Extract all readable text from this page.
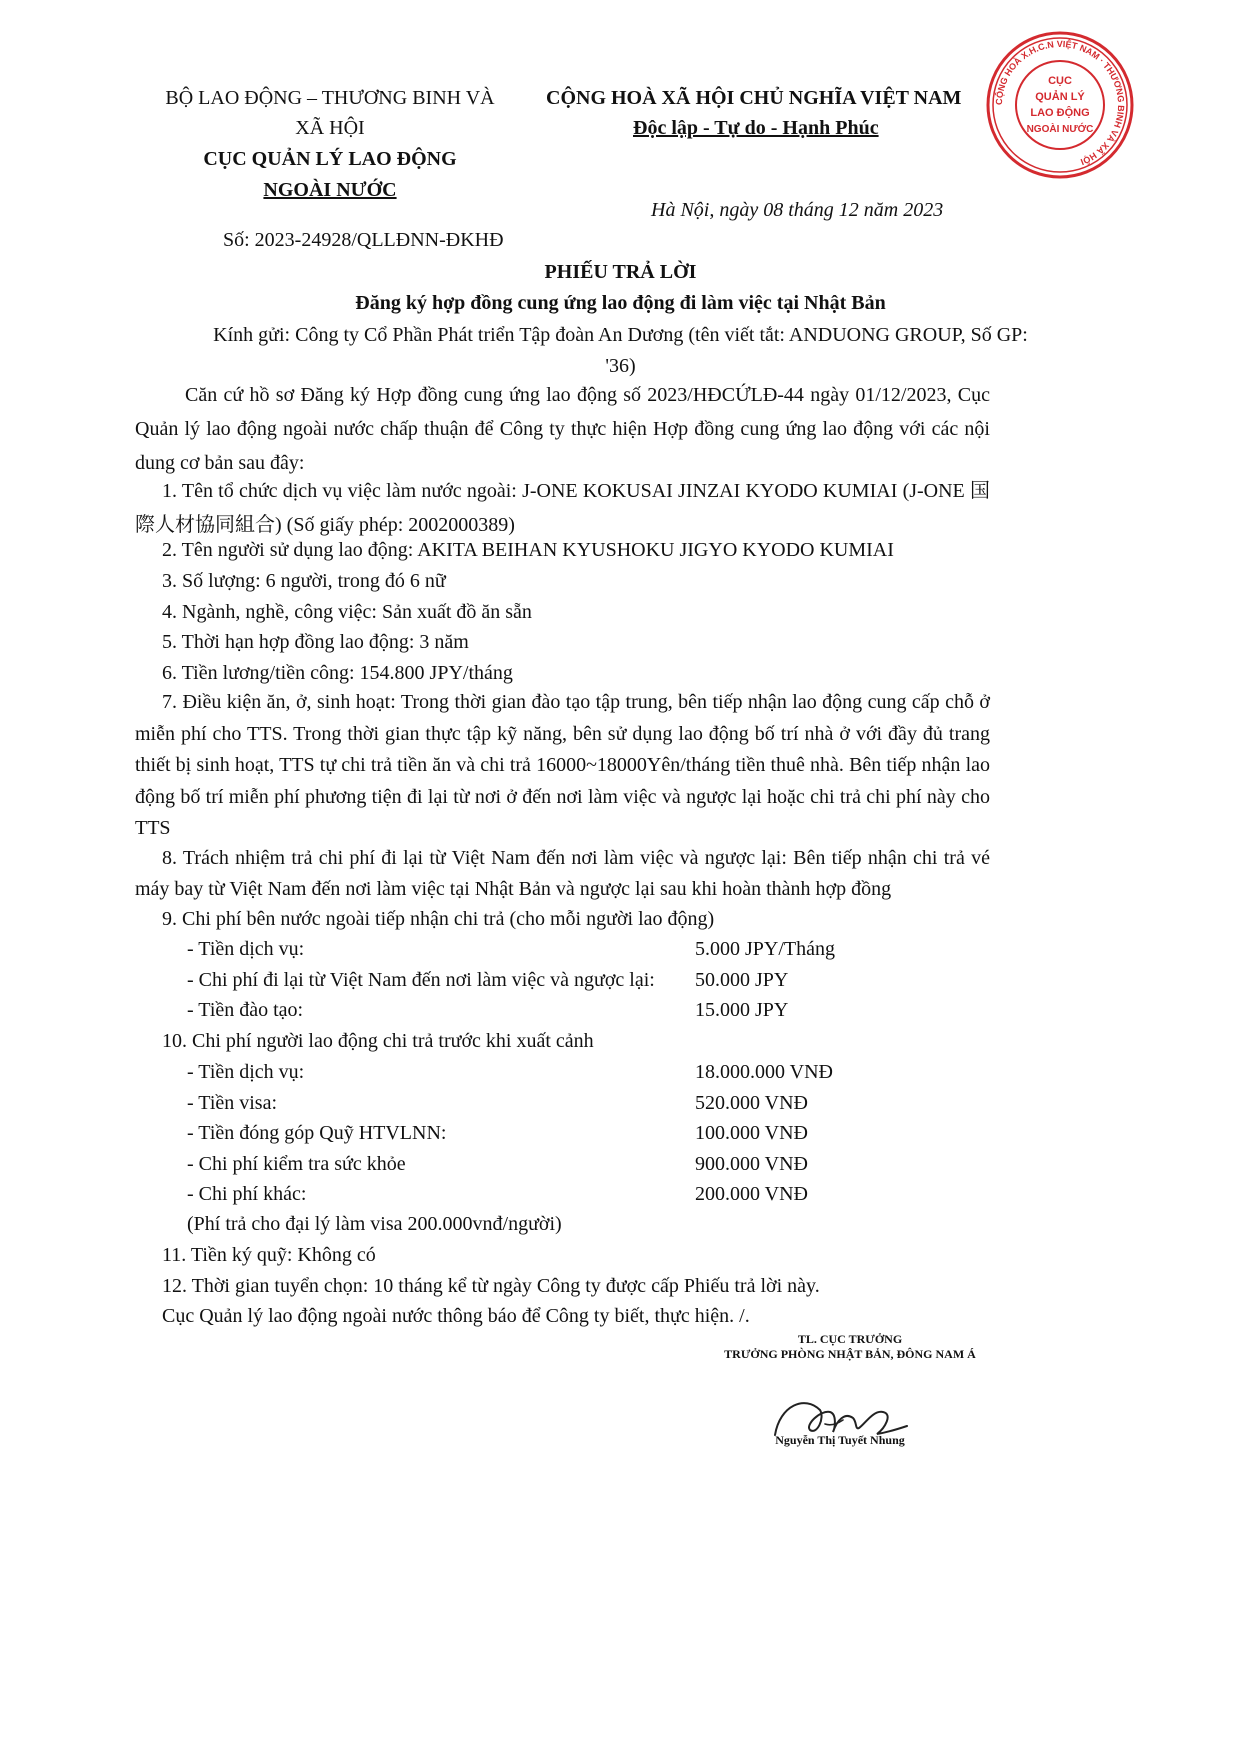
BỘ LAO ĐỘNG – THƯƠNG BINH VÀ
XÃ HỘI
CỤC QUẢN LÝ LAO ĐỘNG
NGOÀI NƯỚC
Số: 2023-24928/QLLĐNN-ĐKHĐ
CỘNG HOÀ XÃ HỘI CHỦ NGHĨA VIỆT NAM
Độc lập - Tự do - Hạnh Phúc
Hà Nội, ngày 08 tháng 12 năm 2023
CỘNG HOÀ X.H.C.N VIỆT NAM · THƯƠNG BINH VÀ XÃ HỘI
CỤC
QUẢN LÝ
LAO ĐỘNG
NGOÀI NƯỚC
PHIẾU TRẢ LỜI
Đăng ký hợp đồng cung ứng lao động đi làm việc tại Nhật Bản
Kính gửi: Công ty Cổ Phần Phát triển Tập đoàn An Dương (tên viết tắt: ANDUONG GROUP, Số GP:
'36)
Căn cứ hồ sơ Đăng ký Hợp đồng cung ứng lao động số 2023/HĐCỨLĐ-44 ngày 01/12/2023, Cục Quản lý lao động ngoài nước chấp thuận để Công ty thực hiện Hợp đồng cung ứng lao động với các nội dung cơ bản sau đây:
1. Tên tổ chức dịch vụ việc làm nước ngoài: J-ONE KOKUSAI JINZAI KYODO KUMIAI (J-ONE 国際人材協同組合) (Số giấy phép: 2002000389)
2. Tên người sử dụng lao động: AKITA BEIHAN KYUSHOKU JIGYO KYODO KUMIAI
3. Số lượng: 6 người, trong đó 6 nữ
4. Ngành, nghề, công việc: Sản xuất đồ ăn sẵn
5. Thời hạn hợp đồng lao động: 3 năm
6. Tiền lương/tiền công: 154.800 JPY/tháng
7. Điều kiện ăn, ở, sinh hoạt: Trong thời gian đào tạo tập trung, bên tiếp nhận lao động cung cấp chỗ ở miễn phí cho TTS. Trong thời gian thực tập kỹ năng, bên sử dụng lao động bố trí nhà ở với đầy đủ trang thiết bị sinh hoạt, TTS tự chi trả tiền ăn và chi trả 16000~18000Yên/tháng tiền thuê nhà. Bên tiếp nhận lao động bố trí miễn phí phương tiện đi lại từ nơi ở đến nơi làm việc và ngược lại hoặc chi trả chi phí này cho TTS
8. Trách nhiệm trả chi phí đi lại từ Việt Nam đến nơi làm việc và ngược lại: Bên tiếp nhận chi trả vé máy bay từ Việt Nam đến nơi làm việc tại Nhật Bản và ngược lại sau khi hoàn thành hợp đồng
9. Chi phí bên nước ngoài tiếp nhận chi trả (cho mỗi người lao động)
- Tiền dịch vụ:	5.000 JPY/Tháng
- Chi phí đi lại từ Việt Nam đến nơi làm việc và ngược lại: 50.000 JPY
- Tiền đào tạo:	15.000 JPY
10. Chi phí người lao động chi trả trước khi xuất cảnh
- Tiền dịch vụ:	18.000.000 VNĐ
- Tiền visa:	520.000 VNĐ
- Tiền đóng góp Quỹ HTVLNN:	100.000 VNĐ
- Chi phí kiểm tra sức khỏe	900.000 VNĐ
- Chi phí khác:	200.000 VNĐ
(Phí trả cho đại lý làm visa 200.000vnđ/người)
11. Tiền ký quỹ: Không có
12. Thời gian tuyển chọn: 10 tháng kể từ ngày Công ty được cấp Phiếu trả lời này.
Cục Quản lý lao động ngoài nước thông báo để Công ty biết, thực hiện. /.
TL. CỤC TRƯỞNG
TRƯỞNG PHÒNG NHẬT BẢN, ĐÔNG NAM Á
Nguyễn Thị Tuyết Nhung
